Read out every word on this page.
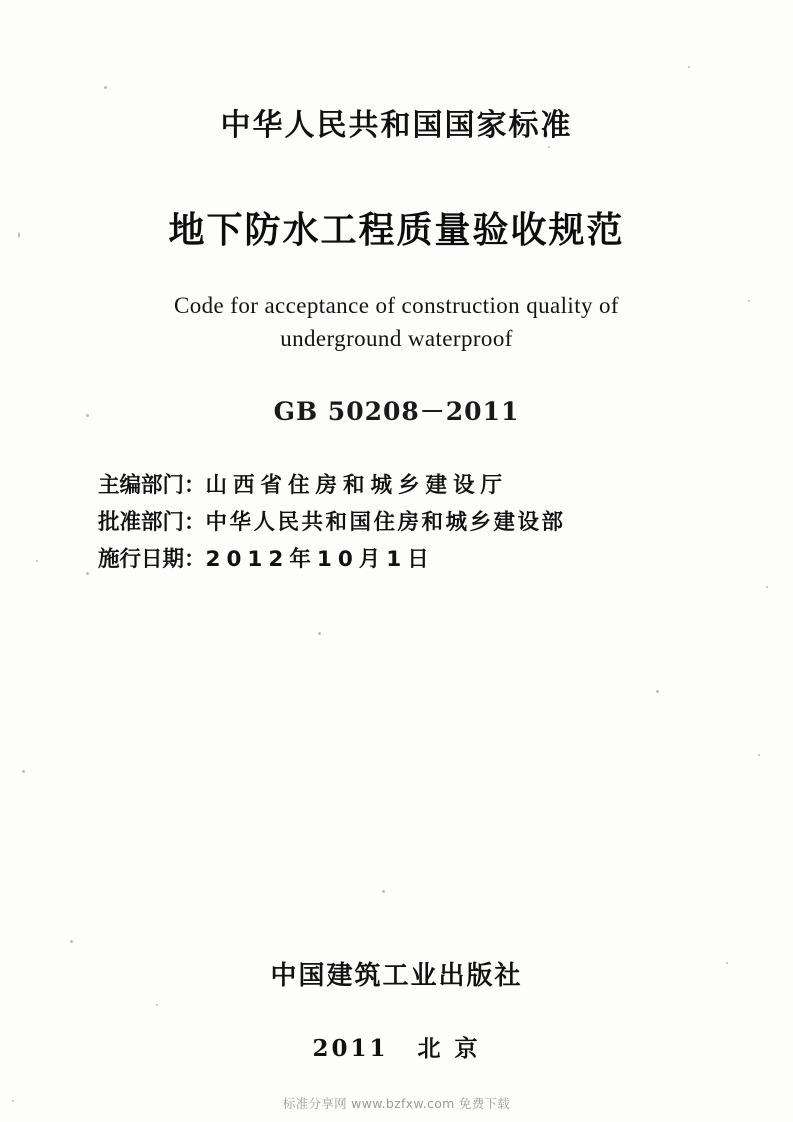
中华人民共和国国家标准
地下防水工程质量验收规范
Code for acceptance of construction quality of
underground waterproof
GB 50208－2011
主编部门：山西省住房和城乡建设厅
批准部门：中华人民共和国住房和城乡建设部
施行日期：2012年10月1日
中国建筑工业出版社
2011 北 京
标准分享网 www.bzfxw.com 免费下载
